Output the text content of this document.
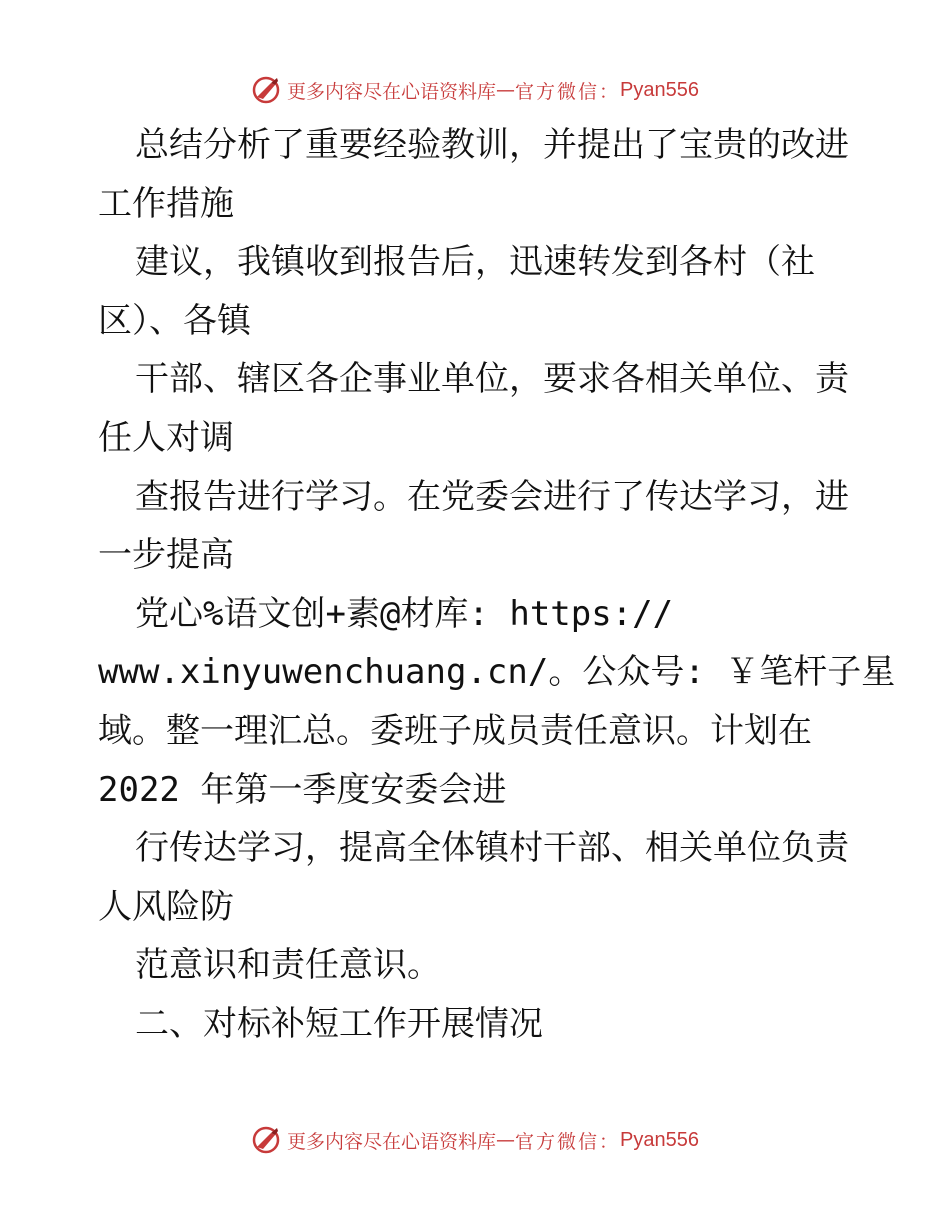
更多内容尽在心语资料库 — 官方微信： Pyan556
总结分析了重要经验教训，并提出了宝贵的改进
工作措施
建议，我镇收到报告后，迅速转发到各村（社
区）、各镇
干部、辖区各企事业单位，要求各相关单位、责
任人对调
查报告进行学习。在党委会进行了传达学习，进
一步提高
党心%语文创+素@材库: https://
www.xinyuwenchuang.cn/。公众号: ￥笔杆子星
域。整一理汇总。委班子成员责任意识。计划在
2022 年第一季度安委会进
行传达学习，提高全体镇村干部、相关单位负责
人风险防
范意识和责任意识。
二、对标补短工作开展情况
更多内容尽在心语资料库 — 官方微信： Pyan556
